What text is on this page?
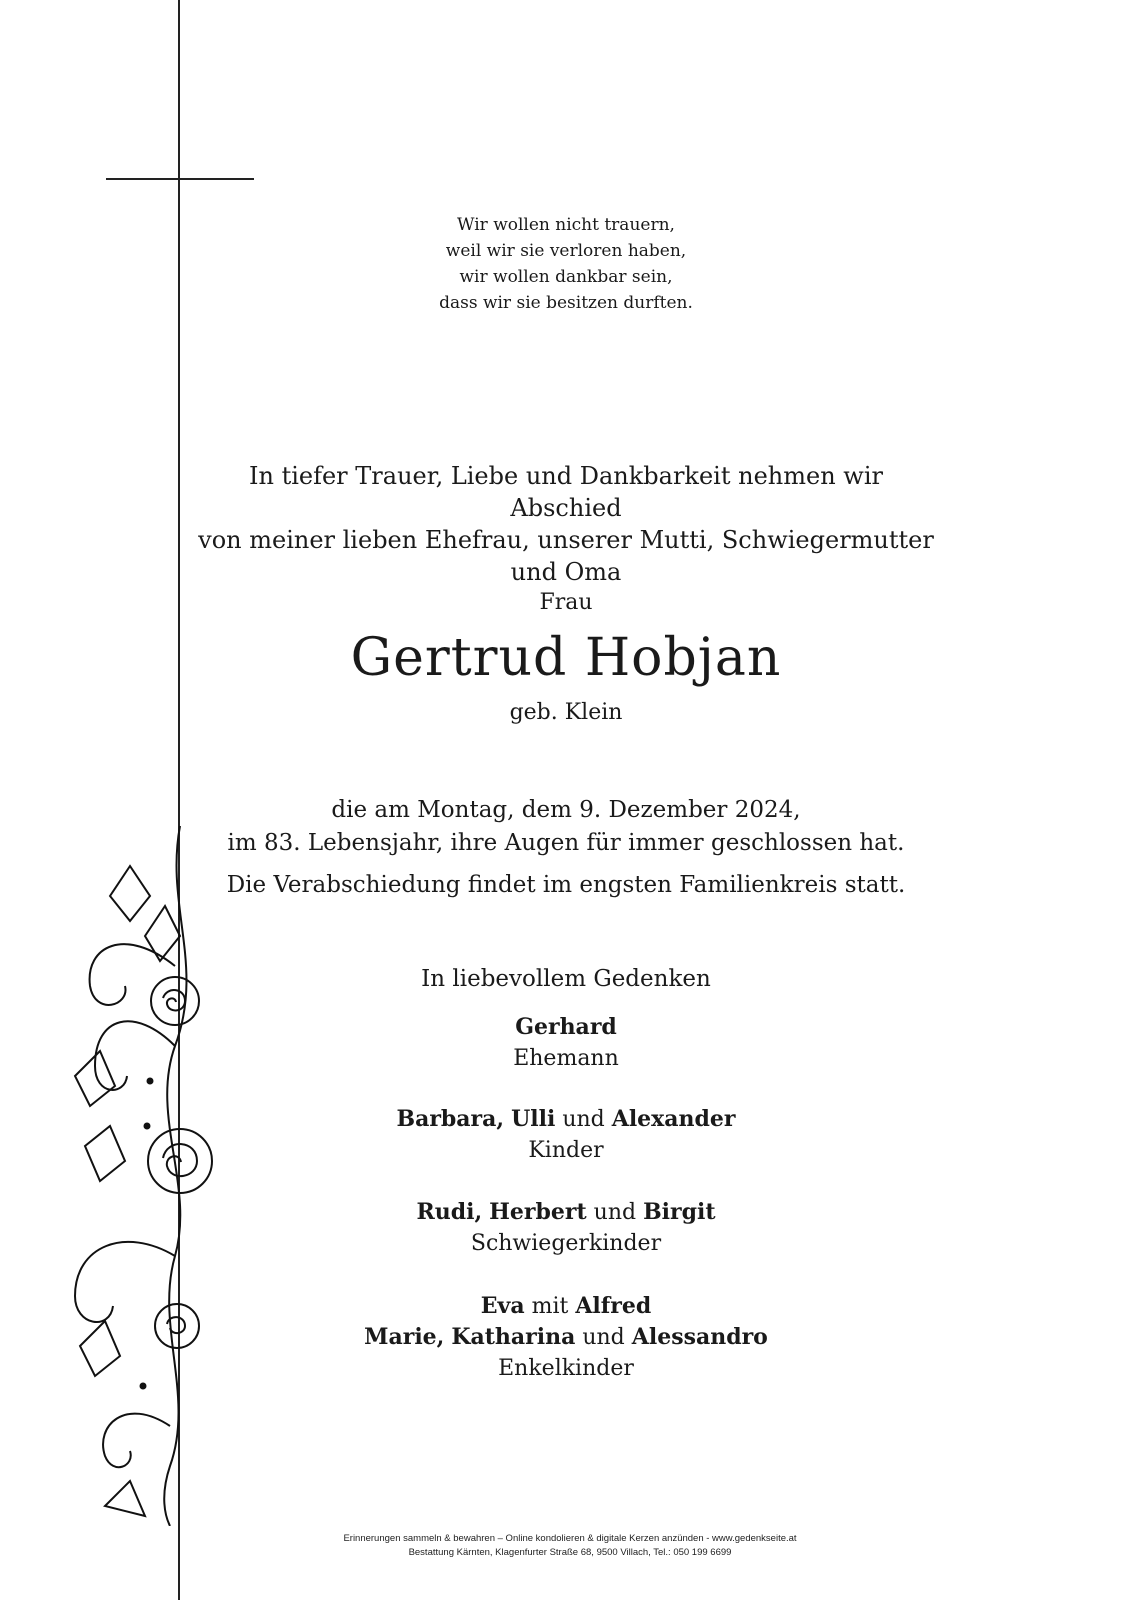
Wir wollen nicht trauern,
weil wir sie verloren haben,
wir wollen dankbar sein,
dass wir sie besitzen durften.
In tiefer Trauer, Liebe und Dankbarkeit nehmen wir Abschied
von meiner lieben Ehefrau, unserer Mutti, Schwiegermutter und Oma
Frau
Gertrud Hobjan
geb. Klein
die am Montag, dem 9. Dezember 2024,
im 83. Lebensjahr, ihre Augen für immer geschlossen hat.
Die Verabschiedung findet im engsten Familienkreis statt.
In liebevollem Gedenken
Gerhard
Ehemann
Barbara, Ulli und Alexander
Kinder
Rudi, Herbert und Birgit
Schwiegerkinder
Eva mit Alfred
Marie, Katharina und Alessandro
Enkelkinder
Erinnerungen sammeln & bewahren – Online kondolieren & digitale Kerzen anzünden - www.gedenkseite.at
Bestattung Kärnten, Klagenfurter Straße 68, 9500 Villach, Tel.: 050 199 6699
